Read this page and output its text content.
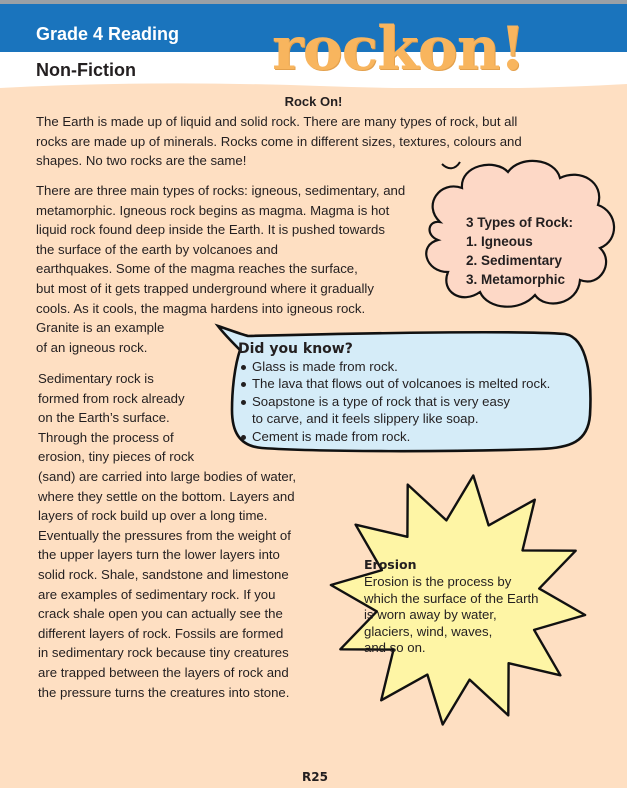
Grade 4 Reading
Non-Fiction rockon!
Rock On!
The Earth is made up of liquid and solid rock. There are many types of rock, but all
rocks are made up of minerals. Rocks come in different sizes, textures, colours and
shapes. No two rocks are the same!
There are three main types of rocks: igneous, sedimentary, and
metamorphic. Igneous rock begins as magma. Magma is hot
liquid rock found deep inside the Earth. It is pushed towards
the surface of the earth by volcanoes and
earthquakes. Some of the magma reaches the surface,
but most of it gets trapped underground where it gradually
cools. As it cools, the magma hardens into igneous rock.
Granite is an example
of an igneous rock.
Sedimentary rock is
formed from rock already
on the Earth’s surface.
Through the process of
erosion, tiny pieces of rock
(sand) are carried into large bodies of water,
where they settle on the bottom. Layers and
layers of rock build up over a long time.
Eventually the pressures from the weight of
the upper layers turn the lower layers into
solid rock. Shale, sandstone and limestone
are examples of sedimentary rock. If you
crack shale open you can actually see the
different layers of rock. Fossils are formed
in sedimentary rock because tiny creatures
are trapped between the layers of rock and
the pressure turns the creatures into stone.
3 Types of Rock:
1. Igneous
2. Sedimentary
3. Metamorphic
Did you know?
Glass is made from rock.
The lava that flows out of volcanoes is melted rock.
Soapstone is a type of rock that is very easy
to carve, and it feels slippery like soap.
Cement is made from rock.
Erosion
Erosion is the process by
which the surface of the Earth
is worn away by water,
glaciers, wind, waves,
and so on.
R25
